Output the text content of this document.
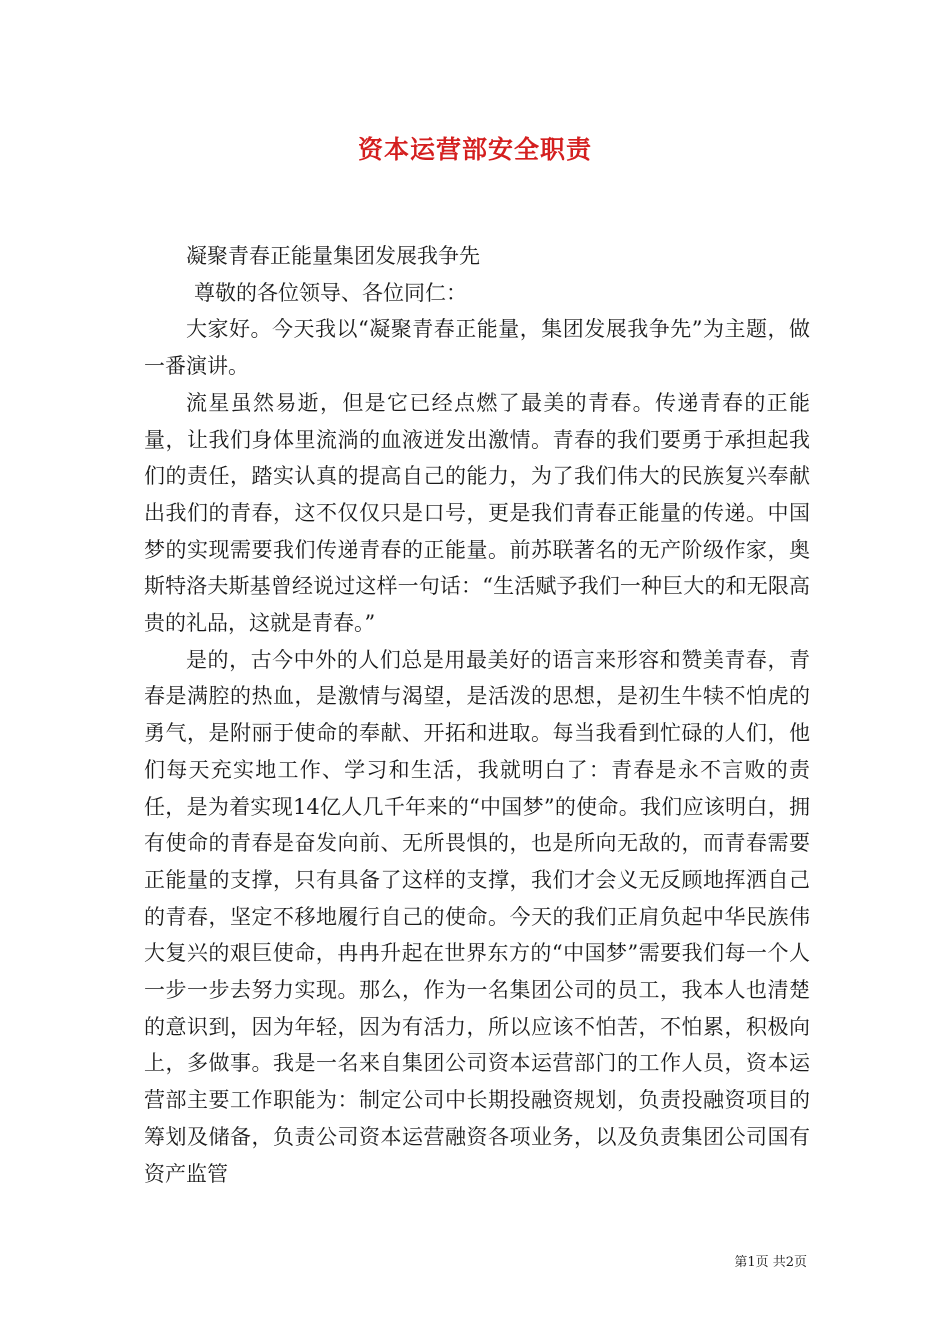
资本运营部安全职责

凝聚青春正能量集团发展我争先

尊敬的各位领导、各位同仁：

大家好。今天我以“凝聚青春正能量，集团发展我争先”为主题，做一番演讲。

流星虽然易逝，但是它已经点燃了最美的青春。传递青春的正能量，让我们身体里流淌的血液迸发出激情。青春的我们要勇于承担起我们的责任，踏实认真的提高自己的能力，为了我们伟大的民族复兴奉献出我们的青春，这不仅仅只是口号，更是我们青春正能量的传递。中国梦的实现需要我们传递青春的正能量。前苏联著名的无产阶级作家，奥斯特洛夫斯基曾经说过这样一句话：“生活赋予我们一种巨大的和无限高贵的礼品，这就是青春。”

是的，古今中外的人们总是用最美好的语言来形容和赞美青春，青春是满腔的热血，是激情与渴望，是活泼的思想，是初生牛犊不怕虎的勇气，是附丽于使命的奉献、开拓和进取。每当我看到忙碌的人们，他们每天充实地工作、学习和生活，我就明白了：青春是永不言败的责任，是为着实现14亿人几千年来的“中国梦”的使命。我们应该明白，拥有使命的青春是奋发向前、无所畏惧的，也是所向无敌的，而青春需要正能量的支撑，只有具备了这样的支撑，我们才会义无反顾地挥洒自己的青春，坚定不移地履行自己的使命。今天的我们正肩负起中华民族伟大复兴的艰巨使命，冉冉升起在世界东方的“中国梦”需要我们每一个人一步一步去努力实现。那么，作为一名集团公司的员工，我本人也清楚的意识到，因为年轻，因为有活力，所以应该不怕苦，不怕累，积极向上，多做事。我是一名来自集团公司资本运营部门的工作人员，资本运营部主要工作职能为：制定公司中长期投融资规划，负责投融资项目的筹划及储备，负责公司资本运营融资各项业务，以及负责集团公司国有资产监管

第1页 共2页
